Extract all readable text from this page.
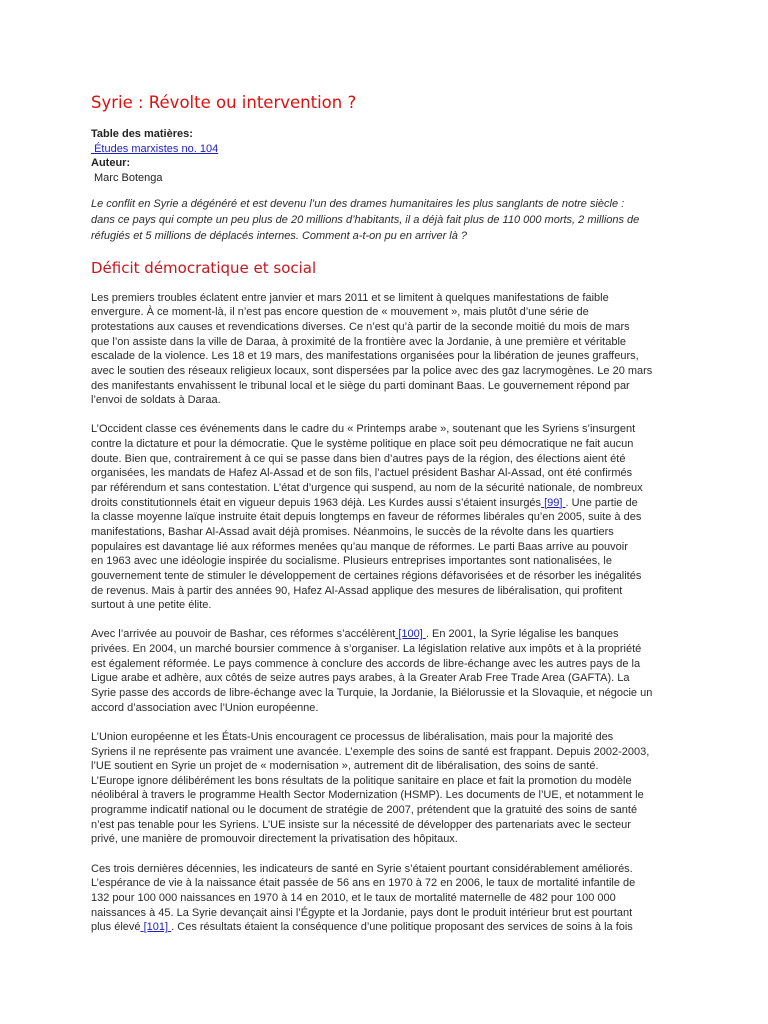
Syrie : Révolte ou intervention ?
Table des matières:
Études marxistes no. 104
Auteur:
Marc Botenga
Le conflit en Syrie a dégénéré et est devenu l’un des drames humanitaires les plus sanglants de notre siècle :
dans ce pays qui compte un peu plus de 20 millions d’habitants, il a déjà fait plus de 110 000 morts, 2 millions de
réfugiés et 5 millions de déplacés internes. Comment a-t-on pu en arriver là ?
Déficit démocratique et social
Les premiers troubles éclatent entre janvier et mars 2011 et se limitent à quelques manifestations de faible
envergure. À ce moment-là, il n’est pas encore question de « mouvement », mais plutôt d’une série de
protestations aux causes et revendications diverses. Ce n’est qu’à partir de la seconde moitié du mois de mars
que l’on assiste dans la ville de Daraa, à proximité de la frontière avec la Jordanie, à une première et véritable
escalade de la violence. Les 18 et 19 mars, des manifestations organisées pour la libération de jeunes graffeurs,
avec le soutien des réseaux religieux locaux, sont dispersées par la police avec des gaz lacrymogènes. Le 20 mars
des manifestants envahissent le tribunal local et le siège du parti dominant Baas. Le gouvernement répond par
l’envoi de soldats à Daraa.
L’Occident classe ces événements dans le cadre du « Printemps arabe », soutenant que les Syriens s’insurgent
contre la dictature et pour la démocratie. Que le système politique en place soit peu démocratique ne fait aucun
doute. Bien que, contrairement à ce qui se passe dans bien d’autres pays de la région, des élections aient été
organisées, les mandats de Hafez Al-Assad et de son fils, l’actuel président Bashar Al-Assad, ont été confirmés
par référendum et sans contestation. L’état d’urgence qui suspend, au nom de la sécurité nationale, de nombreux
droits constitutionnels était en vigueur depuis 1963 déjà. Les Kurdes aussi s’étaient insurgés [99] . Une partie de
la classe moyenne laïque instruite était depuis longtemps en faveur de réformes libérales qu’en 2005, suite à des
manifestations, Bashar Al-Assad avait déjà promises. Néanmoins, le succès de la révolte dans les quartiers
populaires est davantage lié aux réformes menées qu’au manque de réformes. Le parti Baas arrive au pouvoir
en 1963 avec une idéologie inspirée du socialisme. Plusieurs entreprises importantes sont nationalisées, le
gouvernement tente de stimuler le développement de certaines régions défavorisées et de résorber les inégalités
de revenus. Mais à partir des années 90, Hafez Al-Assad applique des mesures de libéralisation, qui profitent
surtout à une petite élite.
Avec l’arrivée au pouvoir de Bashar, ces réformes s’accélèrent [100] . En 2001, la Syrie légalise les banques
privées. En 2004, un marché boursier commence à s’organiser. La législation relative aux impôts et à la propriété
est également réformée. Le pays commence à conclure des accords de libre-échange avec les autres pays de la
Ligue arabe et adhère, aux côtés de seize autres pays arabes, à la Greater Arab Free Trade Area (GAFTA). La
Syrie passe des accords de libre-échange avec la Turquie, la Jordanie, la Biélorussie et la Slovaquie, et négocie un
accord d’association avec l’Union européenne.
L’Union européenne et les États-Unis encouragent ce processus de libéralisation, mais pour la majorité des
Syriens il ne représente pas vraiment une avancée. L’exemple des soins de santé est frappant. Depuis 2002-2003,
l’UE soutient en Syrie un projet de « modernisation », autrement dit de libéralisation, des soins de santé.
L’Europe ignore délibérément les bons résultats de la politique sanitaire en place et fait la promotion du modèle
néolibéral à travers le programme Health Sector Modernization (HSMP). Les documents de l’UE, et notamment le
programme indicatif national ou le document de stratégie de 2007, prétendent que la gratuité des soins de santé
n’est pas tenable pour les Syriens. L’UE insiste sur la nécessité de développer des partenariats avec le secteur
privé, une manière de promouvoir directement la privatisation des hôpitaux.
Ces trois dernières décennies, les indicateurs de santé en Syrie s’étaient pourtant considérablement améliorés.
L’espérance de vie à la naissance était passée de 56 ans en 1970 à 72 en 2006, le taux de mortalité infantile de
132 pour 100 000 naissances en 1970 à 14 en 2010, et le taux de mortalité maternelle de 482 pour 100 000
naissances à 45. La Syrie devançait ainsi l’Égypte et la Jordanie, pays dont le produit intérieur brut est pourtant
plus élevé [101] . Ces résultats étaient la conséquence d’une politique proposant des services de soins à la fois
